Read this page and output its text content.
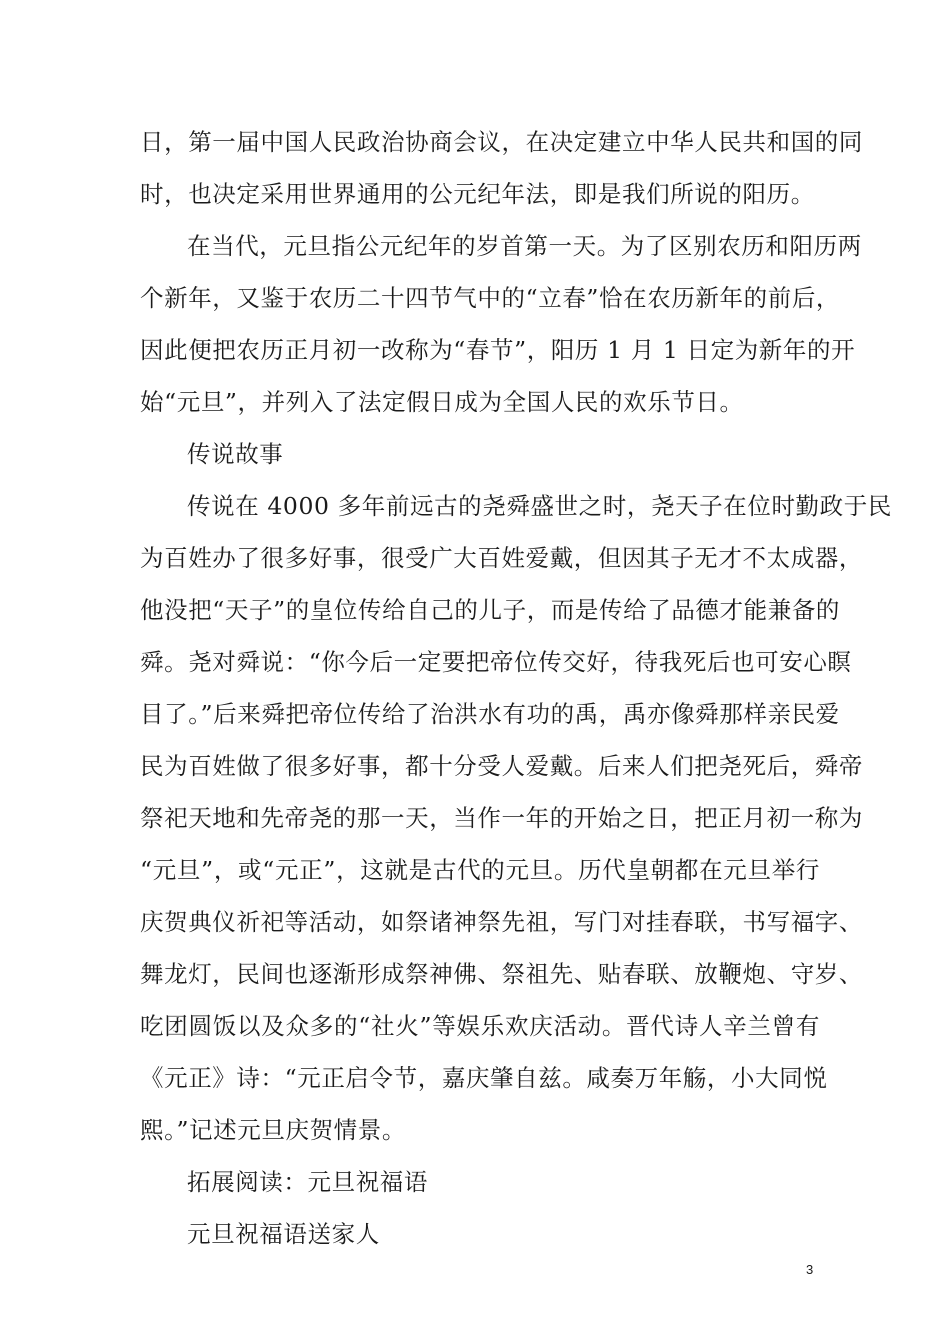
日，第一届中国人民政治协商会议，在决定建立中华人民共和国的同
时，也决定采用世界通用的公元纪年法，即是我们所说的阳历。
在当代，元旦指公元纪年的岁首第一天。为了区别农历和阳历两
个新年，又鉴于农历二十四节气中的“立春”恰在农历新年的前后，
因此便把农历正月初一改称为“春节”，阳历 1 月 1 日定为新年的开
始“元旦”，并列入了法定假日成为全国人民的欢乐节日。
传说故事
传说在 4000 多年前远古的尧舜盛世之时，尧天子在位时勤政于民
为百姓办了很多好事，很受广大百姓爱戴，但因其子无才不太成器，
他没把“天子”的皇位传给自己的儿子，而是传给了品德才能兼备的
舜。尧对舜说：“你今后一定要把帝位传交好，待我死后也可安心瞑
目了。”后来舜把帝位传给了治洪水有功的禹，禹亦像舜那样亲民爱
民为百姓做了很多好事，都十分受人爱戴。后来人们把尧死后，舜帝
祭祀天地和先帝尧的那一天，当作一年的开始之日，把正月初一称为
“元旦”，或“元正”，这就是古代的元旦。历代皇朝都在元旦举行
庆贺典仪祈祀等活动，如祭诸神祭先祖，写门对挂春联，书写福字、
舞龙灯，民间也逐渐形成祭神佛、祭祖先、贴春联、放鞭炮、守岁、
吃团圆饭以及众多的“社火”等娱乐欢庆活动。晋代诗人辛兰曾有
《元正》诗：“元正启令节，嘉庆肇自兹。咸奏万年觞，小大同悦
熙。”记述元旦庆贺情景。
拓展阅读：元旦祝福语
元旦祝福语送家人
3
